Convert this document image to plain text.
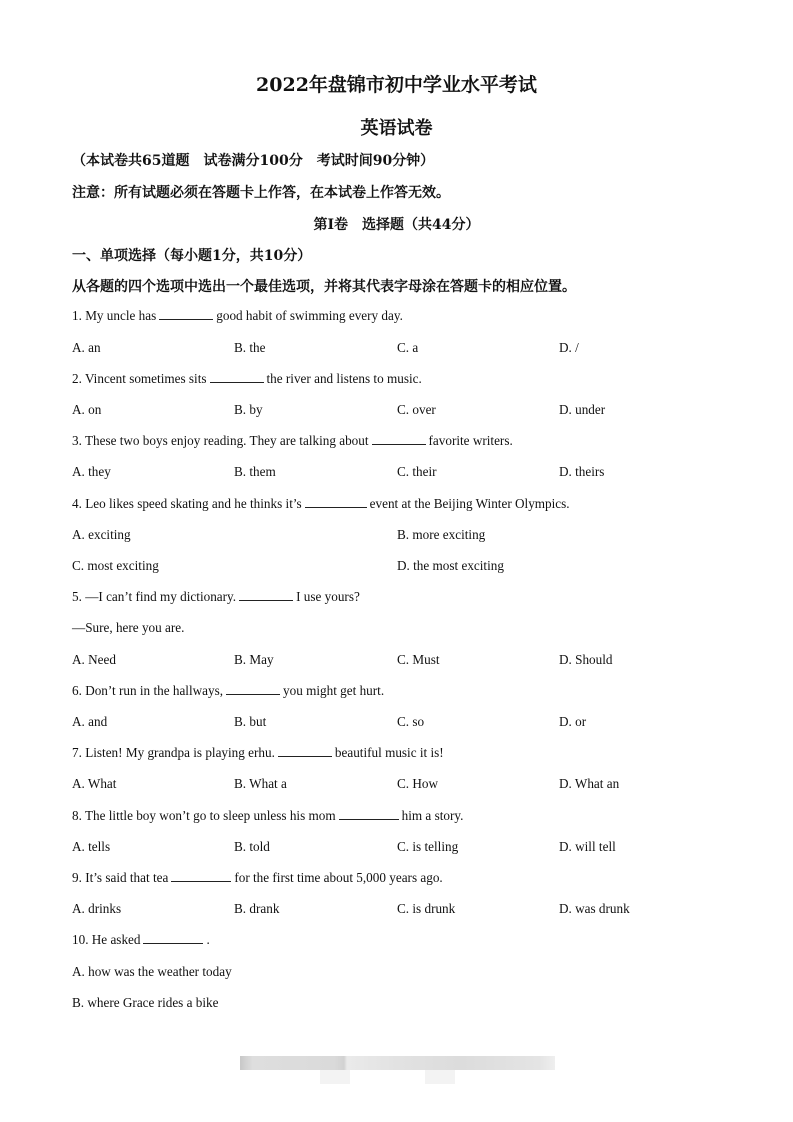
2022年盘锦市初中学业水平考试
英语试卷
（本试卷共65道题　试卷满分100分　考试时间90分钟）
注意：所有试题必须在答题卡上作答，在本试卷上作答无效。
第Ⅰ卷　选择题（共44分）
一、单项选择（每小题1分，共10分）
从各题的四个选项中选出一个最佳选项，并将其代表字母涂在答题卡的相应位置。
1. My uncle has	good habit of swimming every day.
A. an	B. the	C. a	D. /
2. Vincent sometimes sits	the river and listens to music.
A. on	B. by	C. over	D. under
3. These two boys enjoy reading. They are talking about	favorite writers.
A. they	B. them	C. their	D. theirs
4. Leo likes speed skating and he thinks it’s	event at the Beijing Winter Olympics.
A. exciting	B. more exciting
C. most exciting	D. the most exciting
5. —I can’t find my dictionary.	I use yours?
—Sure, here you are.
A. Need	B. May	C. Must	D. Should
6. Don’t run in the hallways,	you might get hurt.
A. and	B. but	C. so	D. or
7. Listen! My grandpa is playing erhu.	beautiful music it is!
A. What	B. What a	C. How	D. What an
8. The little boy won’t go to sleep unless his mom	him a story.
A. tells	B. told	C. is telling	D. will tell
9. It’s said that tea	for the first time about 5,000 years ago.
A. drinks	B. drank	C. is drunk	D. was drunk
10. He asked	.
A. how was the weather today
B. where Grace rides a bike
